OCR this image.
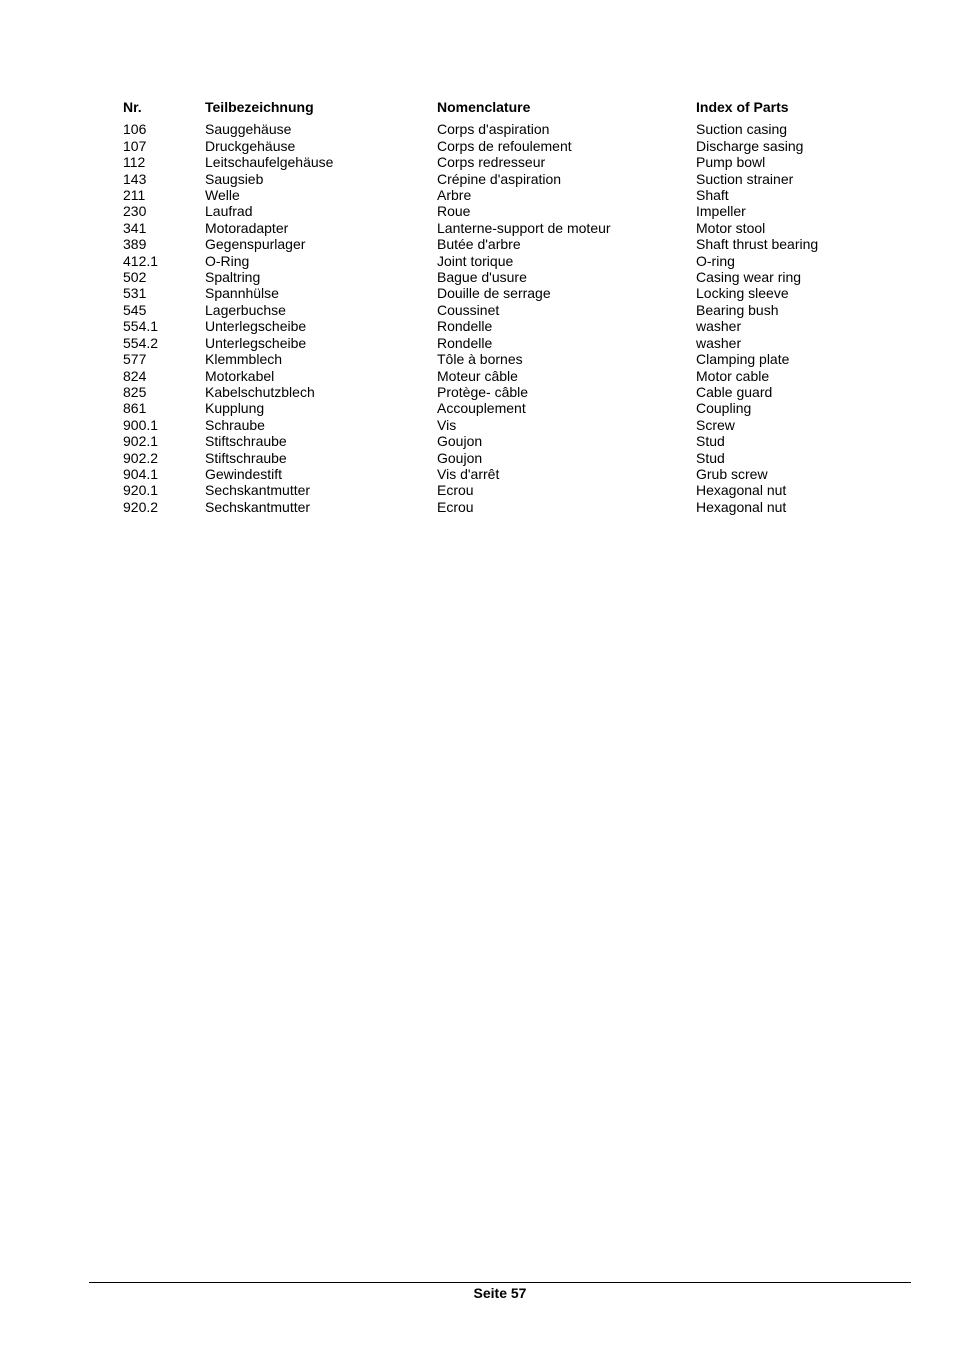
Nr.	Teilbezeichnung	Nomenclature	Index of Parts
106	Sauggehäuse	Corps d'aspiration	Suction casing
107	Druckgehäuse	Corps de refoulement	Discharge sasing
112	Leitschaufelgehäuse	Corps redresseur	Pump bowl
143	Saugsieb	Crépine d'aspiration	Suction strainer
211	Welle	Arbre	Shaft
230	Laufrad	Roue	Impeller
341	Motoradapter	Lanterne-support de moteur	Motor stool
389	Gegenspurlager	Butée d'arbre	Shaft thrust bearing
412.1	O-Ring	Joint torique	O-ring
502	Spaltring	Bague d'usure	Casing wear ring
531	Spannhülse	Douille de serrage	Locking sleeve
545	Lagerbuchse	Coussinet	Bearing bush
554.1	Unterlegscheibe	Rondelle	washer
554.2	Unterlegscheibe	Rondelle	washer
577	Klemmblech	Tôle à bornes	Clamping plate
824	Motorkabel	Moteur câble	Motor cable
825	Kabelschutzblech	Protège- câble	Cable guard
861	Kupplung	Accouplement	Coupling
900.1	Schraube	Vis	Screw
902.1	Stiftschraube	Goujon	Stud
902.2	Stiftschraube	Goujon	Stud
904.1	Gewindestift	Vis d'arrêt	Grub screw
920.1	Sechskantmutter	Ecrou	Hexagonal nut
920.2	Sechskantmutter	Ecrou	Hexagonal nut
Seite 57
